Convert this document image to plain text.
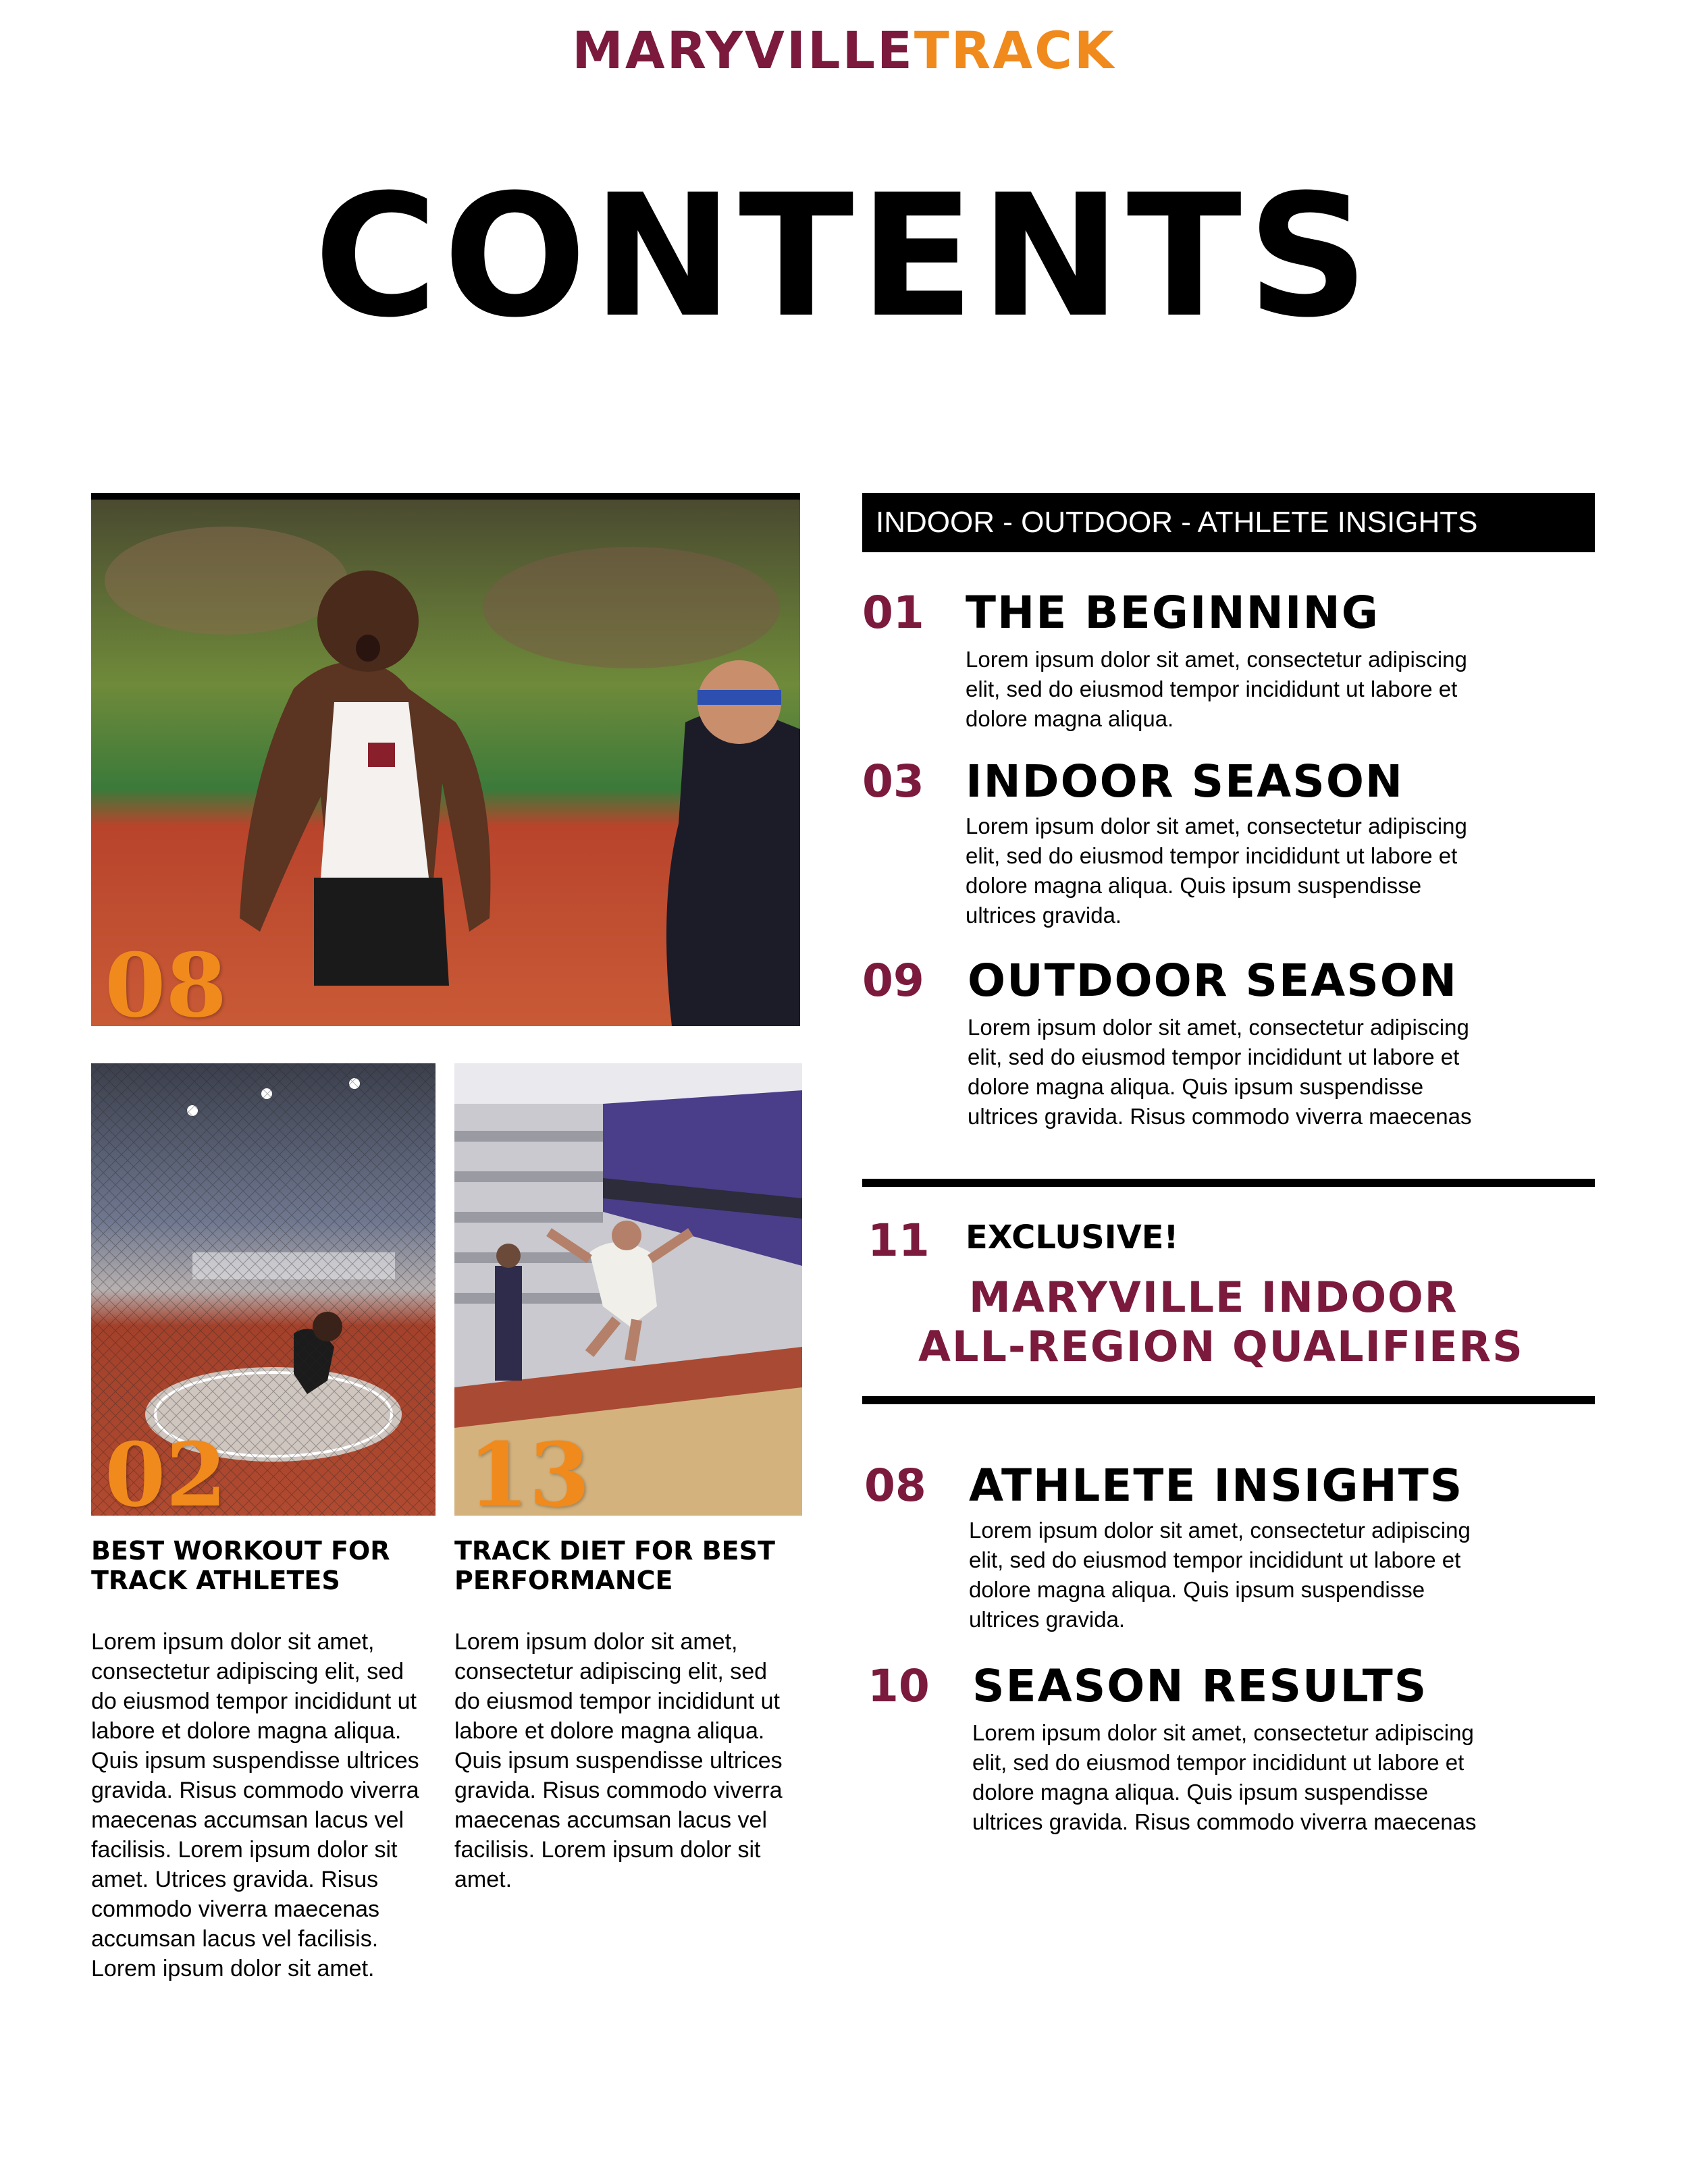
MARYVILLETRACK
CONTENTS
08
02	13
BEST WORKOUT FOR TRACK ATHLETES
Lorem ipsum dolor sit amet, consectetur adipiscing elit, sed do eiusmod tempor incididunt ut labore et dolore magna aliqua. Quis ipsum suspendisse ultrices gravida. Risus commodo viverra maecenas accumsan lacus vel facilisis. Lorem ipsum dolor sit amet. Utrices gravida. Risus commodo viverra maecenas accumsan lacus vel facilisis. Lorem ipsum dolor sit amet.
TRACK DIET FOR BEST PERFORMANCE
Lorem ipsum dolor sit amet, consectetur adipiscing elit, sed do eiusmod tempor incididunt ut labore et dolore magna aliqua. Quis ipsum suspendisse ultrices gravida. Risus commodo viverra maecenas accumsan lacus vel facilisis. Lorem ipsum dolor sit amet.
INDOOR - OUTDOOR - ATHLETE INSIGHTS
01 THE BEGINNING
Lorem ipsum dolor sit amet, consectetur adipiscing elit, sed do eiusmod tempor incididunt ut labore et dolore magna aliqua.
03 INDOOR SEASON
Lorem ipsum dolor sit amet, consectetur adipiscing elit, sed do eiusmod tempor incididunt ut labore et dolore magna aliqua. Quis ipsum suspendisse ultrices gravida.
09 OUTDOOR SEASON
Lorem ipsum dolor sit amet, consectetur adipiscing elit, sed do eiusmod tempor incididunt ut labore et dolore magna aliqua. Quis ipsum suspendisse ultrices gravida. Risus commodo viverra maecenas
11 EXCLUSIVE!
MARYVILLE INDOOR
ALL-REGION QUALIFIERS
08 ATHLETE INSIGHTS
Lorem ipsum dolor sit amet, consectetur adipiscing elit, sed do eiusmod tempor incididunt ut labore et dolore magna aliqua. Quis ipsum suspendisse ultrices gravida.
10 SEASON RESULTS
Lorem ipsum dolor sit amet, consectetur adipiscing elit, sed do eiusmod tempor incididunt ut labore et dolore magna aliqua. Quis ipsum suspendisse ultrices gravida. Risus commodo viverra maecenas
